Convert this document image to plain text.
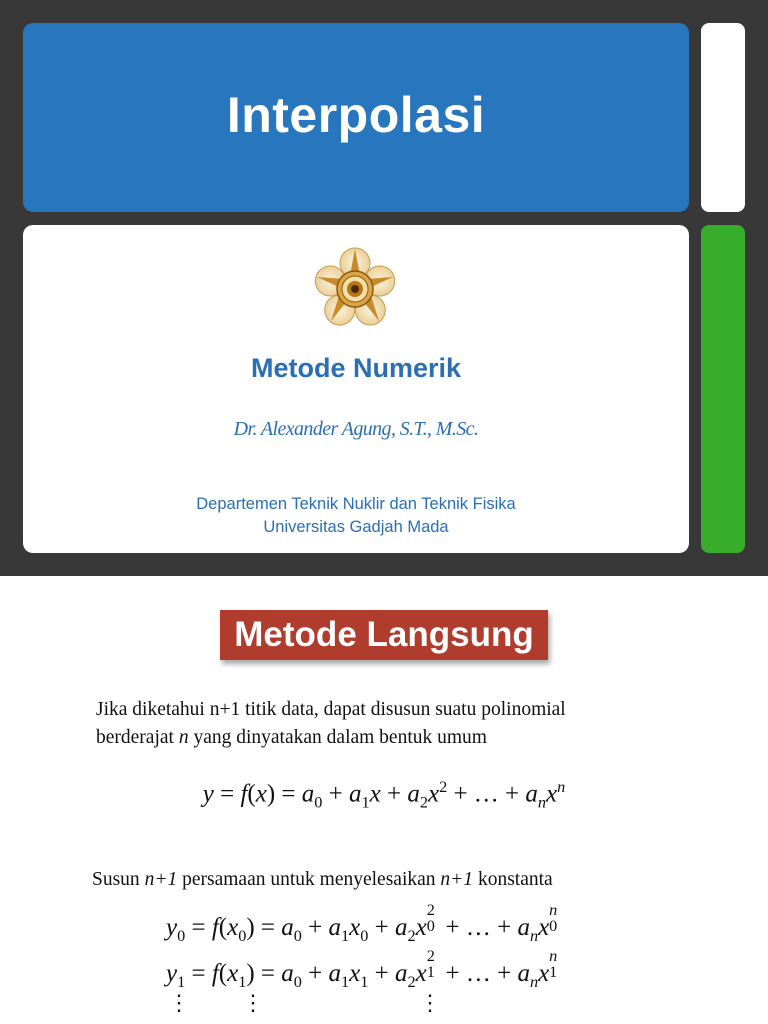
Interpolasi
Metode Numerik
Dr. Alexander Agung, S.T., M.Sc.
Departemen Teknik Nuklir dan Teknik Fisika
Universitas Gadjah Mada
Metode Langsung
Jika diketahui n+1 titik data, dapat disusun suatu polinomial
berderajat n yang dinyatakan dalam bentuk umum
$y = f(x) = a_0 + a_1x + a_2x^2$ + … + $a_nx^n$
Susun n+1 persamaan untuk menyelesaikan n+1 konstanta
$y_0 = f(x_0) = a_0 + a_1x_0 + a_2x$
2
0 + … + $a_nx$
n
0
$y_1 = f(x_1) = a_0 + a_1x_1 + a_2x$
2
1 + … + $a_nx$
n
1
⋮ ⋮	⋮
